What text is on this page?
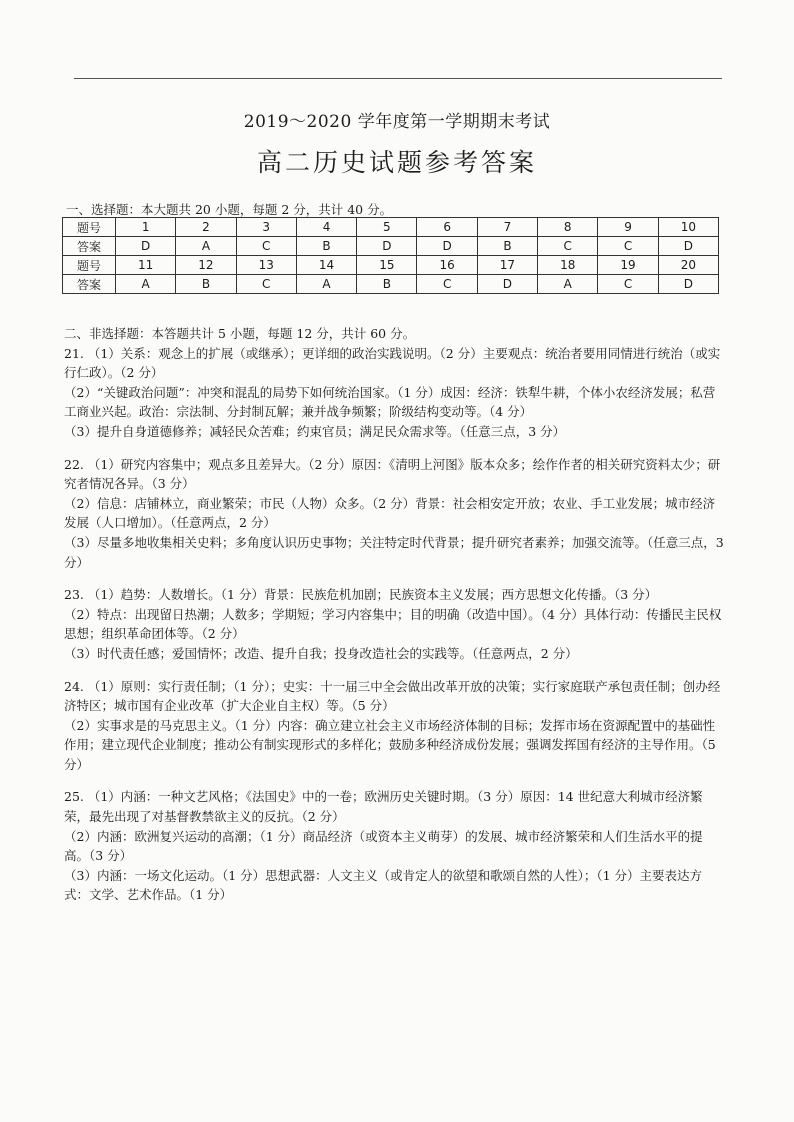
2019～2020 学年度第一学期期末考试
高二历史试题参考答案
一、选择题：本大题共 20 小题，每题 2 分，共计 40 分。
题号	1	2	3	4	5	6	7	8	9	10
答案	D	A	C	B	D	D	B	C	C	D
题号	11	12	13	14	15	16	17	18	19	20
答案	A	B	C	A	B	C	D	A	C	D

二、非选择题：本答题共计 5 小题，每题 12 分，共计 60 分。

21. （1）关系：观念上的扩展（或继承）；更详细的政治实践说明。（2 分）主要观点：统治者要用同情进行统治（或实行仁政）。（2 分）

（2）“关键政治问题”：冲突和混乱的局势下如何统治国家。（1 分）成因：经济：铁犁牛耕，个体小农经济发展；私营工商业兴起。政治：宗法制、分封制瓦解；兼并战争频繁；阶级结构变动等。（4 分）

（3）提升自身道德修养；减轻民众苦难；约束官员；满足民众需求等。（任意三点，3 分）

22. （1）研究内容集中；观点多且差异大。（2 分）原因：《清明上河图》版本众多；绘作作者的相关研究资料太少；研究者情况各异。（3 分）

（2）信息：店铺林立，商业繁荣；市民（人物）众多。（2 分）背景：社会相安定开放；农业、手工业发展；城市经济发展（人口增加）。（任意两点，2 分）

（3）尽量多地收集相关史料；多角度认识历史事物；关注特定时代背景；提升研究者素养；加强交流等。（任意三点，3 分）

23. （1）趋势：人数增长。（1 分）背景：民族危机加剧；民族资本主义发展；西方思想文化传播。（3 分）

（2）特点：出现留日热潮；人数多；学期短；学习内容集中；目的明确（改造中国）。（4 分）具体行动：传播民主民权思想；组织革命团体等。（2 分）

（3）时代责任感；爱国情怀；改造、提升自我；投身改造社会的实践等。（任意两点，2 分）

24. （1）原则：实行责任制；（1 分）；史实：十一届三中全会做出改革开放的决策；实行家庭联产承包责任制；创办经济特区；城市国有企业改革（扩大企业自主权）等。（5 分）

（2）实事求是的马克思主义。（1 分）内容：确立建立社会主义市场经济体制的目标；发挥市场在资源配置中的基础性作用；建立现代企业制度；推动公有制实现形式的多样化；鼓励多种经济成份发展；强调发挥国有经济的主导作用。（5 分）

25. （1）内涵：一种文艺风格；《法国史》中的一卷；欧洲历史关键时期。（3 分）原因：14 世纪意大利城市经济繁荣，最先出现了对基督教禁欲主义的反抗。（2 分）

（2）内涵：欧洲复兴运动的高潮；（1 分）商品经济（或资本主义萌芽）的发展、城市经济繁荣和人们生活水平的提高。（3 分）

（3）内涵：一场文化运动。（1 分）思想武器：人文主义（或肯定人的欲望和歌颂自然的人性）；（1 分）主要表达方式：文学、艺术作品。（1 分）
